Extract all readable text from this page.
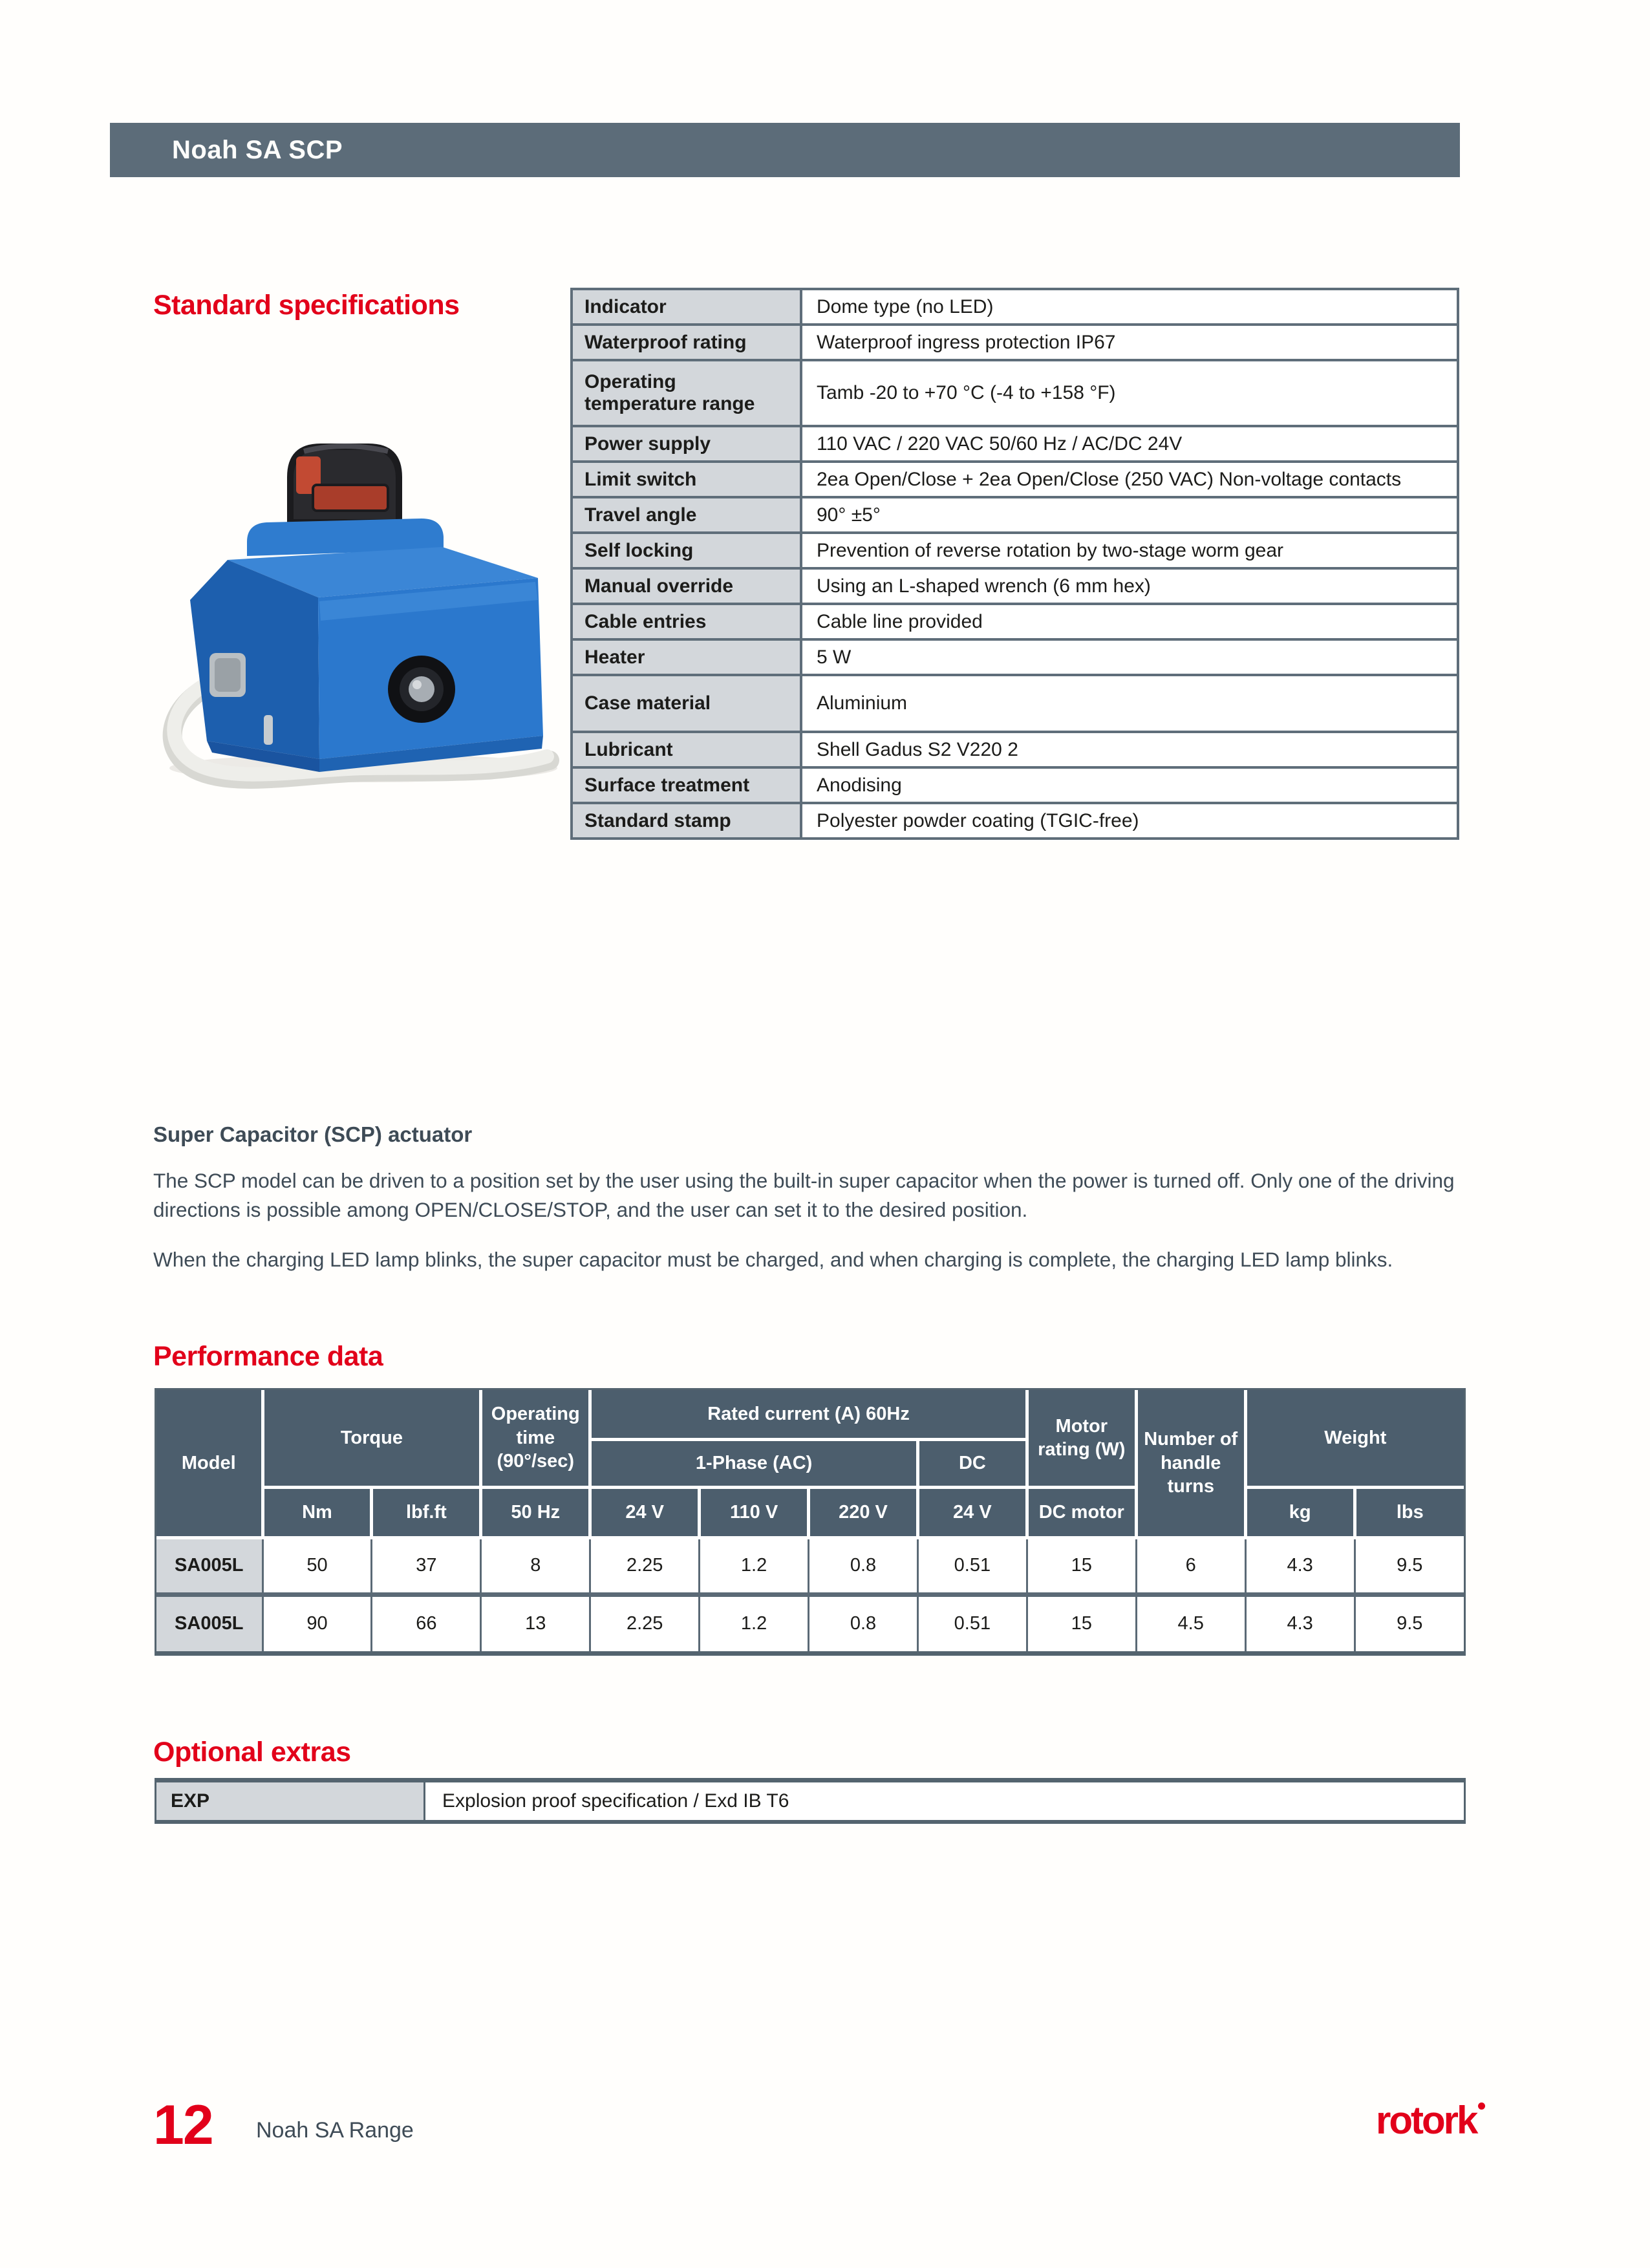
Noah SA SCP
Standard specifications	Indicator	Dome type (no LED)
Waterproof rating	Waterproof ingress protection IP67
Operating temperature range	Tamb -20 to +70 °C (-4 to +158 °F)
Power supply	110 VAC / 220 VAC 50/60 Hz / AC/DC 24V
Limit switch	2ea Open/Close + 2ea Open/Close (250 VAC) Non-voltage contacts
Travel angle	90° ±5°
Self locking	Prevention of reverse rotation by two-stage worm gear
Manual override	Using an L-shaped wrench (6 mm hex)
Cable entries	Cable line provided
Heater	5 W
Case material	Aluminium
Lubricant	Shell Gadus S2 V220 2
Surface treatment	Anodising
Standard stamp	Polyester powder coating (TGIC-free)
Super Capacitor (SCP) actuator

The SCP model can be driven to a position set by the user using the built-in super capacitor when the power is turned off. Only one of the driving directions is possible among OPEN/CLOSE/STOP, and the user can set it to the desired position.

When the charging LED lamp blinks, the super capacitor must be charged, and when charging is complete, the charging LED lamp blinks.

Performance data
Model	Torque		Operating time (90°/sec)	Rated current (A) 60Hz				Motor rating (W)	Number of handle turns	Weight	
				1-Phase (AC)			DC				
	Nm	lbf.ft	50 Hz	24 V	110 V	220 V	24 V	DC motor		kg	lbs
SA005L	50	37	8	2.25	1.2	0.8	0.51	15	6	4.3	9.5
SA005L	90	66	13	2.25	1.2	0.8	0.51	15	4.5	4.3	9.5
Optional extras
EXP	Explosion proof specification / Exd IB T6
12 Noah SA Range	rotork
